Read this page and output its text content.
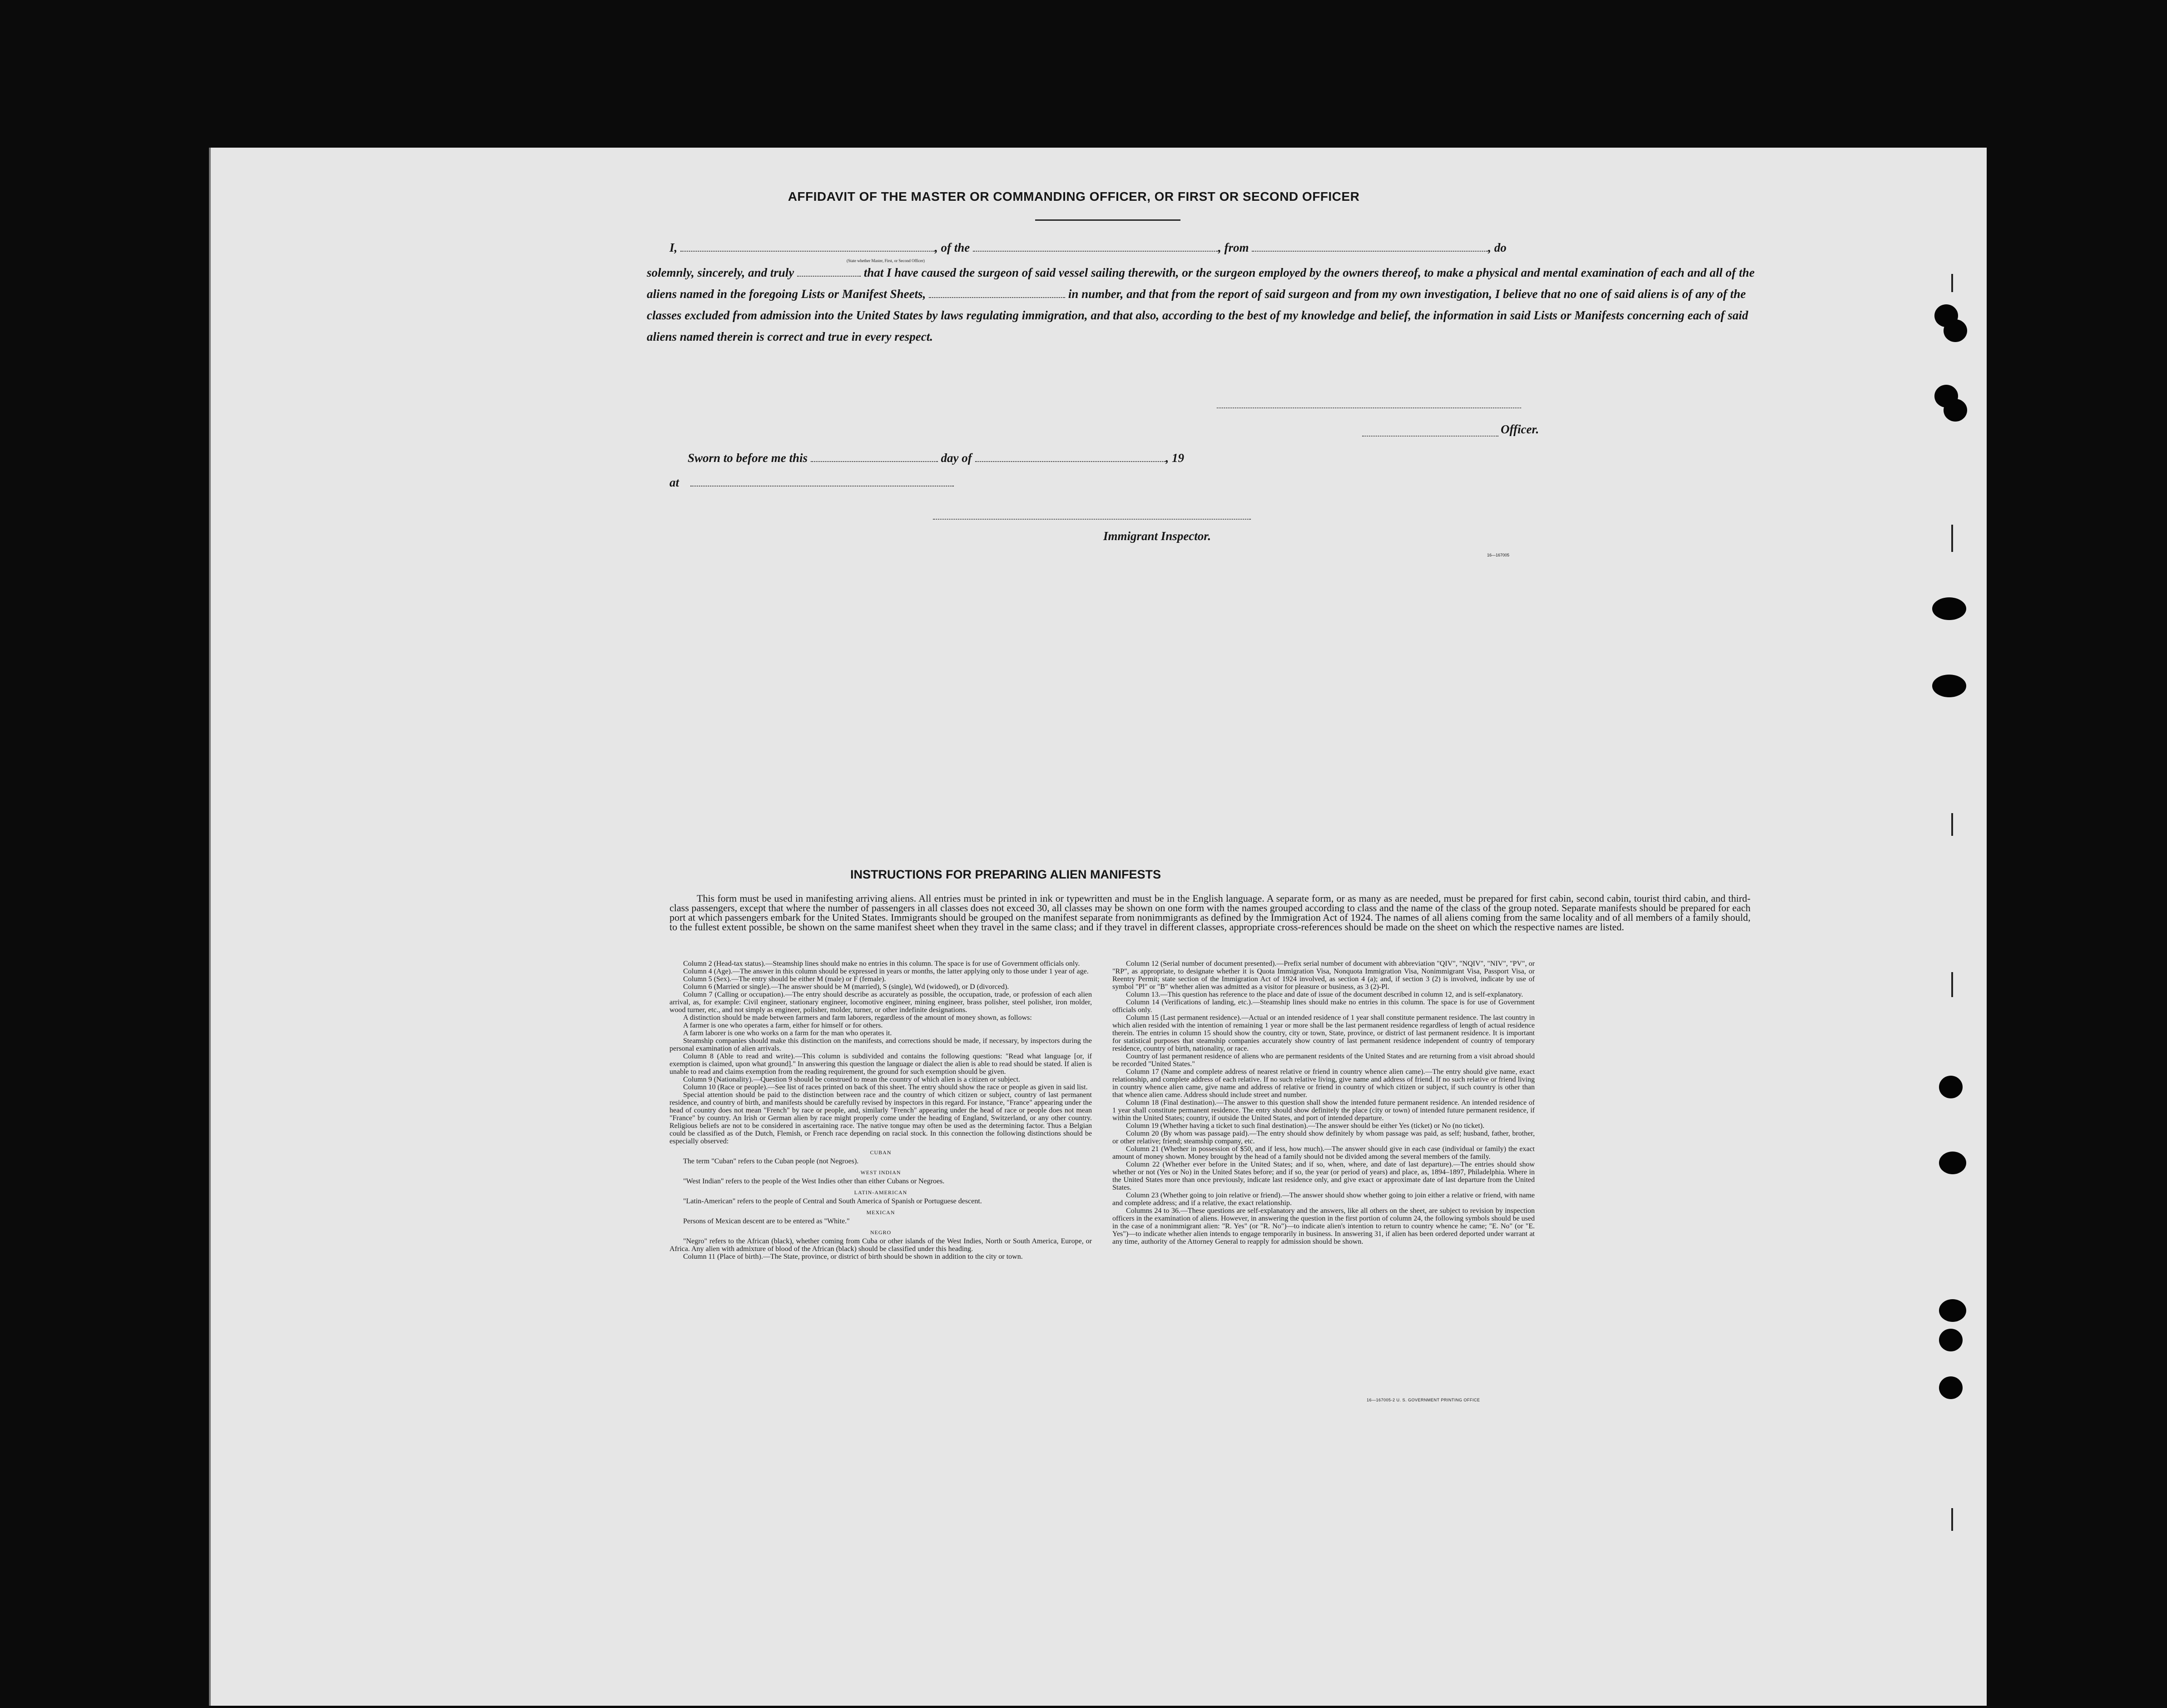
AFFIDAVIT OF THE MASTER OR COMMANDING OFFICER, OR FIRST OR SECOND OFFICER
I,	, of the	, from	, do
(State whether Master, First, or Second Officer)
solemnly, sincerely, and truly	that I have caused the surgeon of said vessel sailing therewith, or the surgeon employed by the owners thereof, to make a physical and mental examination of each and all of the aliens named in the foregoing Lists or Manifest Sheets,	in number, and that from the report of said surgeon and from my own investigation, I believe that no one of said aliens is of any of the classes excluded from admission into the United States by laws regulating immigration, and that also, according to the best of my knowledge and belief, the information in said Lists or Manifests concerning each of said aliens named therein is correct and true in every respect.
Officer.
Sworn to before me this	day of	, 19
at
Immigrant Inspector.
16—167005
INSTRUCTIONS FOR PREPARING ALIEN MANIFESTS
This form must be used in manifesting arriving aliens. All entries must be printed in ink or typewritten and must be in the English language. A separate form, or as many as are needed, must be prepared for first cabin, second cabin, tourist third cabin, and third-class passengers, except that where the number of passengers in all classes does not exceed 30, all classes may be shown on one form with the names grouped according to class and the name of the class of the group noted. Separate manifests should be prepared for each port at which passengers embark for the United States. Immigrants should be grouped on the manifest separate from nonimmigrants as defined by the Immigration Act of 1924. The names of all aliens coming from the same locality and of all members of a family should, to the fullest extent possible, be shown on the same manifest sheet when they travel in the same class; and if they travel in different classes, appropriate cross-references should be made on the sheet on which the respective names are listed.

Column 2 (Head-tax status).—Steamship lines should make no entries in this column. The space is for use of Government officials only.

Column 4 (Age).—The answer in this column should be expressed in years or months, the latter applying only to those under 1 year of age.

Column 5 (Sex).—The entry should be either M (male) or F (female).

Column 6 (Married or single).—The answer should be M (married), S (single), Wd (widowed), or D (divorced).

Column 7 (Calling or occupation).—The entry should describe as accurately as possible, the occupation, trade, or profession of each alien arrival, as, for example: Civil engineer, stationary engineer, locomotive engineer, mining engineer, brass polisher, steel polisher, iron molder, wood turner, etc., and not simply as engineer, polisher, molder, turner, or other indefinite designations.

A distinction should be made between farmers and farm laborers, regardless of the amount of money shown, as follows:

A farmer is one who operates a farm, either for himself or for others.

A farm laborer is one who works on a farm for the man who operates it.

Steamship companies should make this distinction on the manifests, and corrections should be made, if necessary, by inspectors during the personal examination of alien arrivals.

Column 8 (Able to read and write).—This column is subdivided and contains the following questions: "Read what language [or, if exemption is claimed, upon what ground]." In answering this question the language or dialect the alien is able to read should be stated. If alien is unable to read and claims exemption from the reading requirement, the ground for such exemption should be given.

Column 9 (Nationality).—Question 9 should be construed to mean the country of which alien is a citizen or subject.

Column 10 (Race or people).—See list of races printed on back of this sheet. The entry should show the race or people as given in said list.

Special attention should be paid to the distinction between race and the country of which citizen or subject, country of last permanent residence, and country of birth, and manifests should be carefully revised by inspectors in this regard. For instance, "France" appearing under the head of country does not mean "French" by race or people, and, similarly "French" appearing under the head of race or people does not mean "France" by country. An Irish or German alien by race might properly come under the heading of England, Switzerland, or any other country. Religious beliefs are not to be considered in ascertaining race. The native tongue may often be used as the determining factor. Thus a Belgian could be classified as of the Dutch, Flemish, or French race depending on racial stock. In this connection the following distinctions should be especially observed:

CUBAN

The term "Cuban" refers to the Cuban people (not Negroes).

WEST INDIAN

"West Indian" refers to the people of the West Indies other than either Cubans or Negroes.

LATIN-AMERICAN

"Latin-American" refers to the people of Central and South America of Spanish or Portuguese descent.

MEXICAN

Persons of Mexican descent are to be entered as "White."

NEGRO

"Negro" refers to the African (black), whether coming from Cuba or other islands of the West Indies, North or South America, Europe, or Africa. Any alien with admixture of blood of the African (black) should be classified under this heading.

Column 11 (Place of birth).—The State, province, or district of birth should be shown in addition to the city or town.

Column 12 (Serial number of document presented).—Prefix serial number of document with abbreviation "QIV", "NQIV", "NIV", "PV", or "RP", as appropriate, to designate whether it is Quota Immigration Visa, Nonquota Immigration Visa, Nonimmigrant Visa, Passport Visa, or Reentry Permit; state section of the Immigration Act of 1924 involved, as section 4 (a); and, if section 3 (2) is involved, indicate by use of symbol "Pl" or "B" whether alien was admitted as a visitor for pleasure or business, as 3 (2)-Pl.

Column 13.—This question has reference to the place and date of issue of the document described in column 12, and is self-explanatory.

Column 14 (Verifications of landing, etc.).—Steamship lines should make no entries in this column. The space is for use of Government officials only.

Column 15 (Last permanent residence).—Actual or an intended residence of 1 year shall constitute permanent residence. The last country in which alien resided with the intention of remaining 1 year or more shall be the last permanent residence regardless of length of actual residence therein. The entries in column 15 should show the country, city or town, State, province, or district of last permanent residence. It is important for statistical purposes that steamship companies accurately show country of last permanent residence independent of country of temporary residence, country of birth, nationality, or race.

Country of last permanent residence of aliens who are permanent residents of the United States and are returning from a visit abroad should be recorded "United States."

Column 17 (Name and complete address of nearest relative or friend in country whence alien came).—The entry should give name, exact relationship, and complete address of each relative. If no such relative living, give name and address of friend. If no such relative or friend living in country whence alien came, give name and address of relative or friend in country of which citizen or subject, if such country is other than that whence alien came. Address should include street and number.

Column 18 (Final destination).—The answer to this question shall show the intended future permanent residence. An intended residence of 1 year shall constitute permanent residence. The entry should show definitely the place (city or town) of intended future permanent residence, if within the United States; country, if outside the United States, and port of intended departure.

Column 19 (Whether having a ticket to such final destination).—The answer should be either Yes (ticket) or No (no ticket).

Column 20 (By whom was passage paid).—The entry should show definitely by whom passage was paid, as self; husband, father, brother, or other relative; friend; steamship company, etc.

Column 21 (Whether in possession of $50, and if less, how much).—The answer should give in each case (individual or family) the exact amount of money shown. Money brought by the head of a family should not be divided among the several members of the family.

Column 22 (Whether ever before in the United States; and if so, when, where, and date of last departure).—The entries should show whether or not (Yes or No) in the United States before; and if so, the year (or period of years) and place, as, 1894–1897, Philadelphia. Where in the United States more than once previously, indicate last residence only, and give exact or approximate date of last departure from the United States.

Column 23 (Whether going to join relative or friend).—The answer should show whether going to join either a relative or friend, with name and complete address; and if a relative, the exact relationship.

Columns 24 to 36.—These questions are self-explanatory and the answers, like all others on the sheet, are subject to revision by inspection officers in the examination of aliens. However, in answering the question in the first portion of column 24, the following symbols should be used in the case of a nonimmigrant alien: "R. Yes" (or "R. No")—to indicate alien's intention to return to country whence he came; "E. No" (or "E. Yes")—to indicate whether alien intends to engage temporarily in business. In answering 31, if alien has been ordered deported under warrant at any time, authority of the Attorney General to reapply for admission should be shown.

16—167005-2 U. S. GOVERNMENT PRINTING OFFICE
